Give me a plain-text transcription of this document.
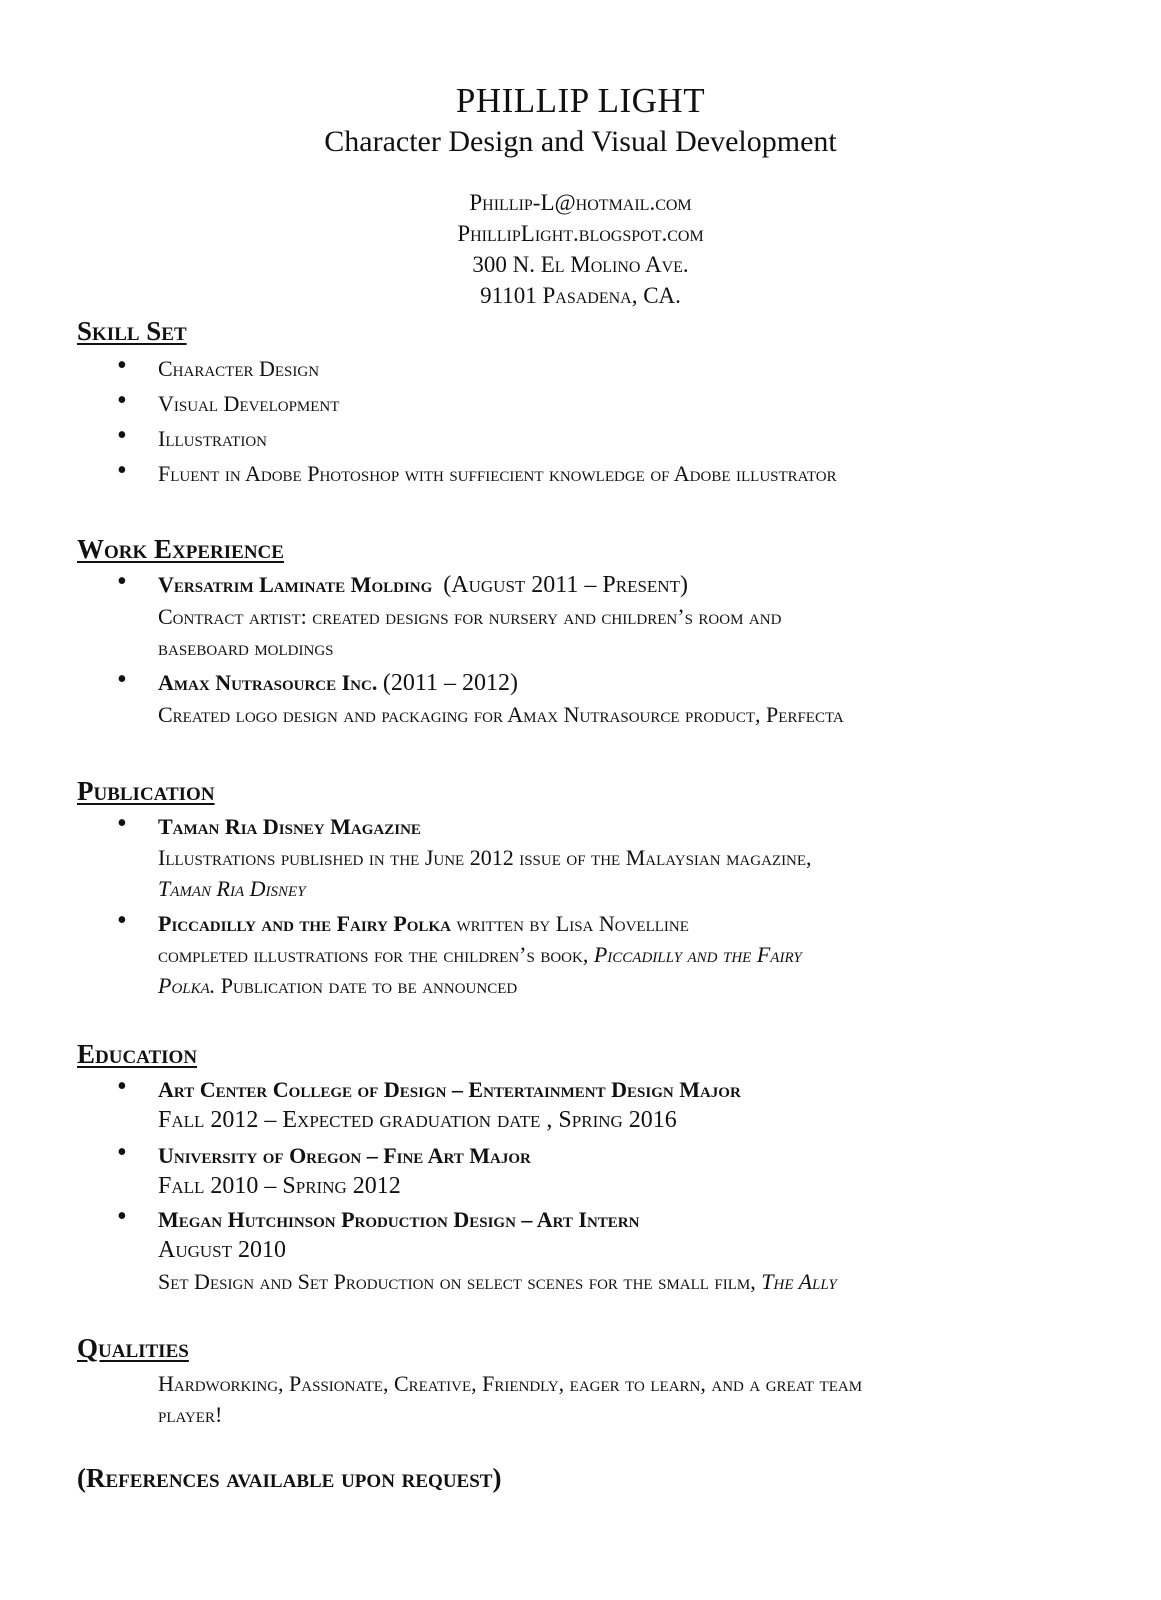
PHILLIP LIGHT
Character Design and Visual Development
Phillip-L@hotmail.com
PhillipLight.blogspot.com
300 N. El Molino Ave.
91101 Pasadena, CA.
Skill Set
• Character Design
• Visual Development
• Illustration
• Fluent in Adobe Photoshop with suffiecient knowledge of Adobe illustrator
Work Experience
• Versatrim Laminate Molding (August 2011 – Present)
Contract artist: created designs for nursery and children’s room and
baseboard moldings
• Amax Nutrasource Inc. (2011 – 2012)
Created logo design and packaging for Amax Nutrasource product, Perfecta
Publication
• Taman Ria Disney Magazine
Illustrations published in the June 2012 issue of the Malaysian magazine,
Taman Ria Disney
• Piccadilly and the Fairy Polka written by Lisa Novelline
completed illustrations for the children’s book, Piccadilly and the Fairy
Polka. Publication date to be announced
Education
• Art Center College of Design – Entertainment Design Major
Fall 2012 – Expected graduation date , Spring 2016
• University of Oregon – Fine Art Major
Fall 2010 – Spring 2012
• Megan Hutchinson Production Design – Art Intern
August 2010
Set Design and Set Production on select scenes for the small film, The Ally
Qualities
Hardworking, Passionate, Creative, Friendly, eager to learn, and a great team
player!
(References available upon request)
